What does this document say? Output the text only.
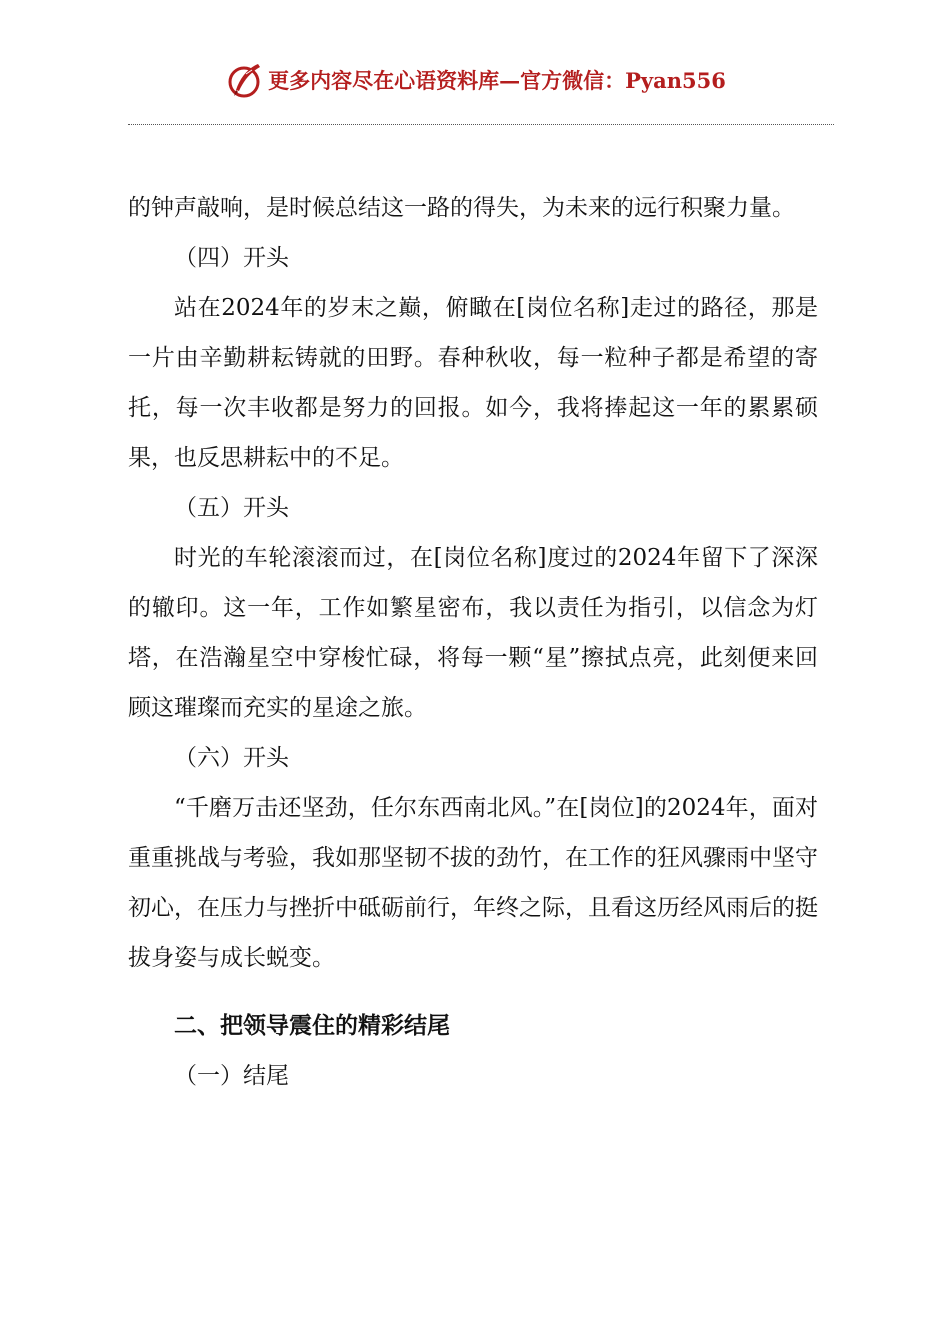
更多内容尽在心语资料库—官方微信：Pyan556

的钟声敲响，是时候总结这一路的得失，为未来的远行积聚力量。

（四）开头

站在2024年的岁末之巅，俯瞰在[岗位名称]走过的路径，那是一片由辛勤耕耘铸就的田野。春种秋收，每一粒种子都是希望的寄托，每一次丰收都是努力的回报。如今，我将捧起这一年的累累硕果，也反思耕耘中的不足。

（五）开头

时光的车轮滚滚而过，在[岗位名称]度过的2024年留下了深深的辙印。这一年，工作如繁星密布，我以责任为指引，以信念为灯塔，在浩瀚星空中穿梭忙碌，将每一颗“星”擦拭点亮，此刻便来回顾这璀璨而充实的星途之旅。

（六）开头

“千磨万击还坚劲，任尔东西南北风。”在[岗位]的2024年，面对重重挑战与考验，我如那坚韧不拔的劲竹，在工作的狂风骤雨中坚守初心，在压力与挫折中砥砺前行，年终之际，且看这历经风雨后的挺拔身姿与成长蜕变。

二、把领导震住的精彩结尾

（一）结尾
